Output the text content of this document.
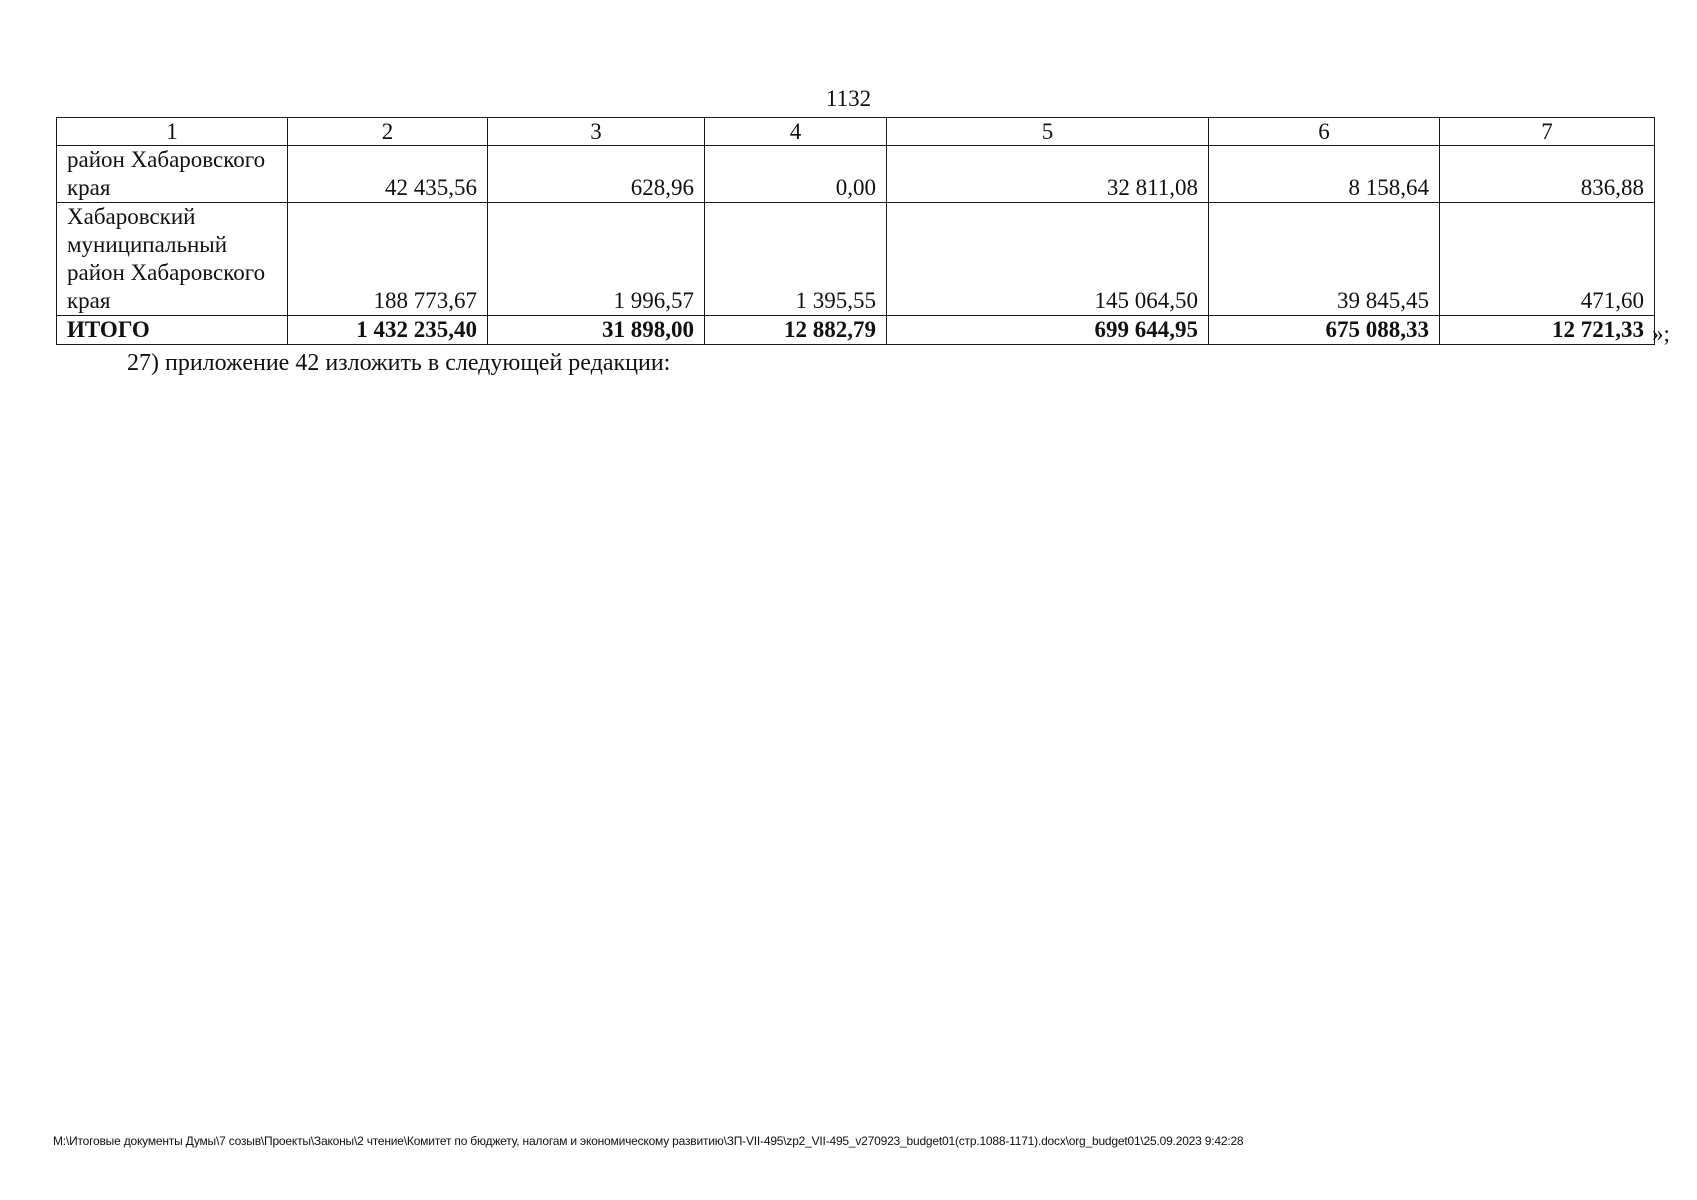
1132
1	2	3	4	5	6	7
район Хабаровского
края	42 435,56	628,96	0,00	32 811,08	8 158,64	836,88
Хабаровский
муниципальный
район Хабаровского
края	188 773,67	1 996,57	1 395,55	145 064,50	39 845,45	471,60
ИТОГО	1 432 235,40	31 898,00	12 882,79	699 644,95	675 088,33	12 721,33 »;
27) приложение 42 изложить в следующей редакции:
M:\Итоговые документы Думы\7 созыв\Проекты\Законы\2 чтение\Комитет по бюджету, налогам и экономическому развитию\ЗП-VII-495\zp2_VII-495_v270923_budget01(стр.1088-1171).docx\org_budget01\25.09.2023 9:42:28
